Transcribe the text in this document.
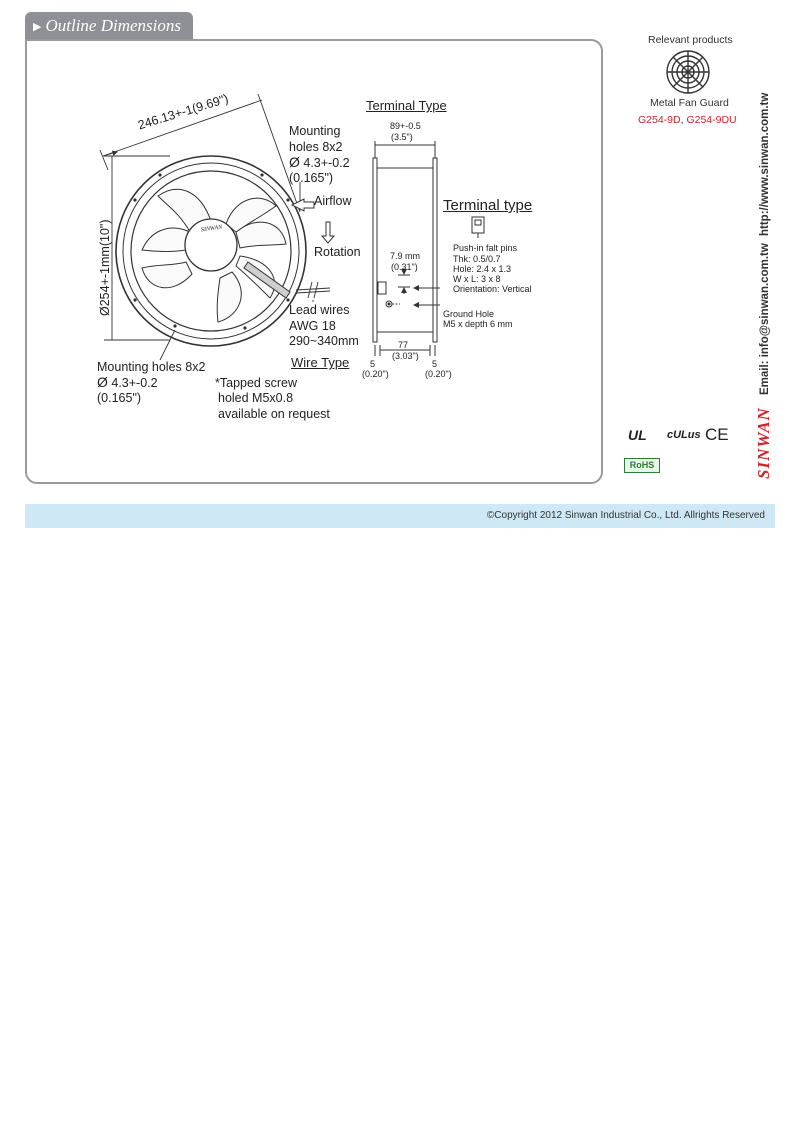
▶ Outline Dimensions
246.13+-1(9.69")
Ø254+-1mm(10")	SINWAN
Mounting
holes 8x2
Ø 4.3+-0.2
(0.165")
Airflow
Rotation
Lead wires
AWG 18
290~340mm
Wire Type
Mounting holes 8x2
Ø 4.3+-0.2
(0.165")
*Tapped screw
holed M5x0.8
available on request
Terminal Type
89+-0.5
(3.5")
7.9 mm
(0.31")
77
(3.03")
5
(0.20")
5
(0.20")
Terminal type
Push-in falt pins
Thk: 0.5/0.7
Hole: 2.4 x 1.3
W x L: 3 x 8
Orientation: Vertical
Ground Hole
M5 x depth 6 mm
Relevant products
Metal Fan Guard
G254-9D, G254-9DU http://www.sinwan.com.tw
Email: info@sinwan.com.tw
SINWAN
UL cULus CE
RoHS
©Copyright 2012 Sinwan Industrial Co., Ltd. Allrights Reserved
